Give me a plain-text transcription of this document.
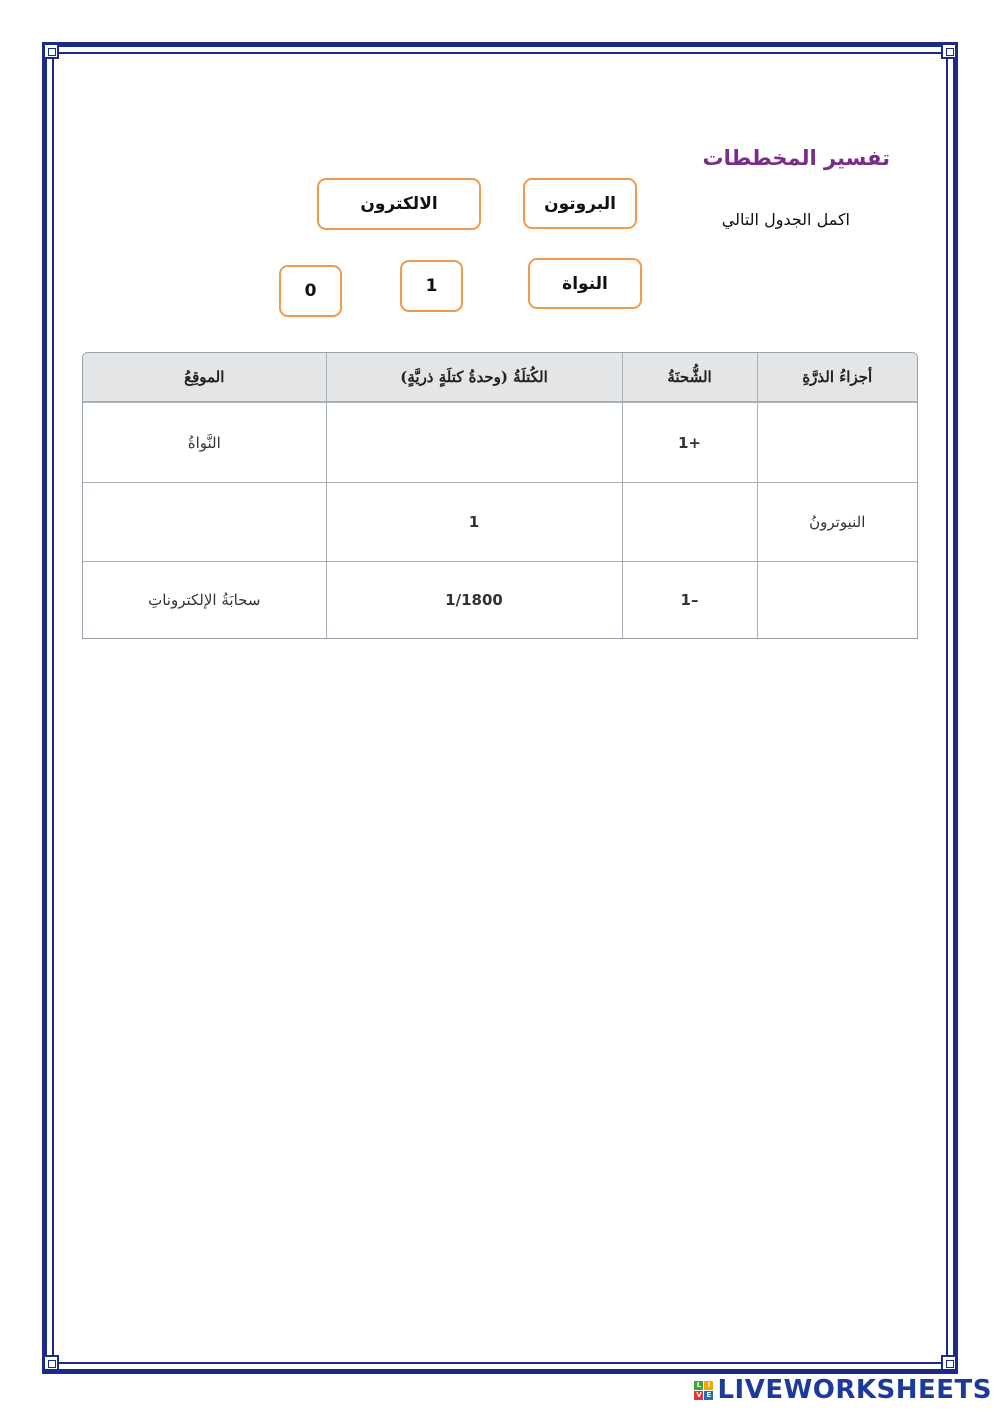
تفسير المخططات
اكمل الجدول التالي
البروتون
الالكترون
النواة
1
0
أجزاءُ الذرَّةِ	الشُّحنَةُ	الكُتلَةُ (وحدةُ كتلَةٍ ذريَّةٍ)	الموقِعُ
	+1		النَّواةُ
النيوترونُ		1	
	–1	1/1800	سحابَةُ الإلكتروناتِ
L I
V E LIVEWORKSHEETS
